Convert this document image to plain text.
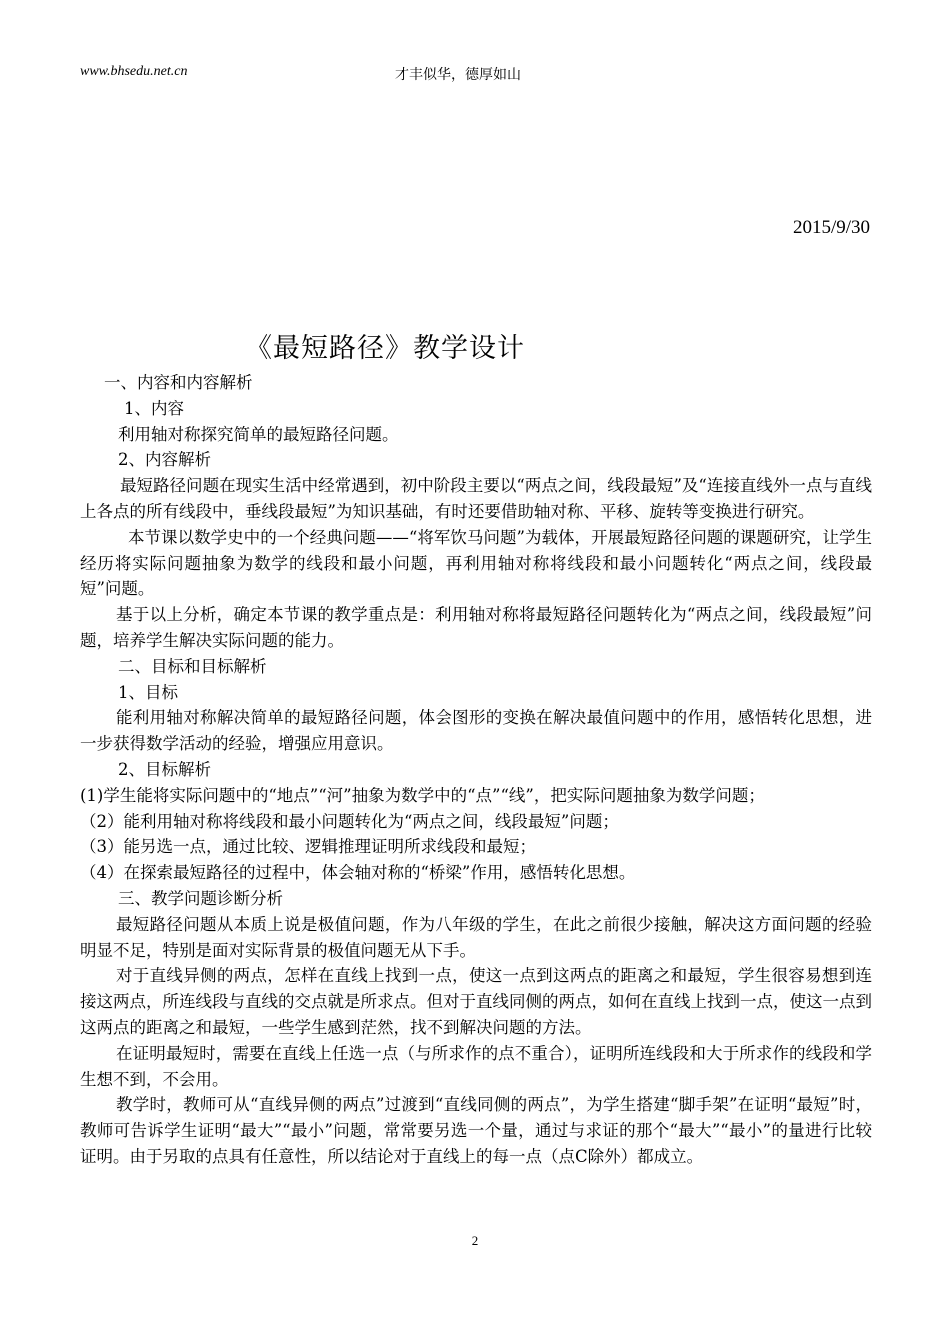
www.bhsedu.net.cn	才丰似华，德厚如山
2015/9/30
《最短路径》教学设计

一、内容和内容解析

1、内容

利用轴对称探究简单的最短路径问题。

2、内容解析

最短路径问题在现实生活中经常遇到，初中阶段主要以“两点之间，线段最短”及“连接直线外一点与直线上各点的所有线段中，垂线段最短”为知识基础，有时还要借助轴对称、平移、旋转等变换进行研究。

本节课以数学史中的一个经典问题——“将军饮马问题”为载体，开展最短路径问题的课题研究，让学生经历将实际问题抽象为数学的线段和最小问题，再利用轴对称将线段和最小问题转化“两点之间，线段最短”问题。

基于以上分析，确定本节课的教学重点是：利用轴对称将最短路径问题转化为“两点之间，线段最短”问题，培养学生解决实际问题的能力。

二、目标和目标解析

1、目标

能利用轴对称解决简单的最短路径问题，体会图形的变换在解决最值问题中的作用，感悟转化思想，进一步获得数学活动的经验，增强应用意识。

2、目标解析

(1)学生能将实际问题中的“地点”“河”抽象为数学中的“点”“线”，把实际问题抽象为数学问题；

（2）能利用轴对称将线段和最小问题转化为“两点之间，线段最短”问题；

（3）能另选一点，通过比较、逻辑推理证明所求线段和最短；

（4）在探索最短路径的过程中，体会轴对称的“桥梁”作用，感悟转化思想。

三、教学问题诊断分析

最短路径问题从本质上说是极值问题，作为八年级的学生，在此之前很少接触，解决这方面问题的经验明显不足，特别是面对实际背景的极值问题无从下手。

对于直线异侧的两点，怎样在直线上找到一点，使这一点到这两点的距离之和最短，学生很容易想到连接这两点，所连线段与直线的交点就是所求点。但对于直线同侧的两点，如何在直线上找到一点，使这一点到这两点的距离之和最短，一些学生感到茫然，找不到解决问题的方法。

在证明最短时，需要在直线上任选一点（与所求作的点不重合），证明所连线段和大于所求作的线段和学生想不到，不会用。

教学时，教师可从“直线异侧的两点”过渡到“直线同侧的两点”，为学生搭建“脚手架”在证明“最短”时，教师可告诉学生证明“最大”“最小”问题，常常要另选一个量，通过与求证的那个“最大”“最小”的量进行比较证明。由于另取的点具有任意性，所以结论对于直线上的每一点（点C除外）都成立。

2
